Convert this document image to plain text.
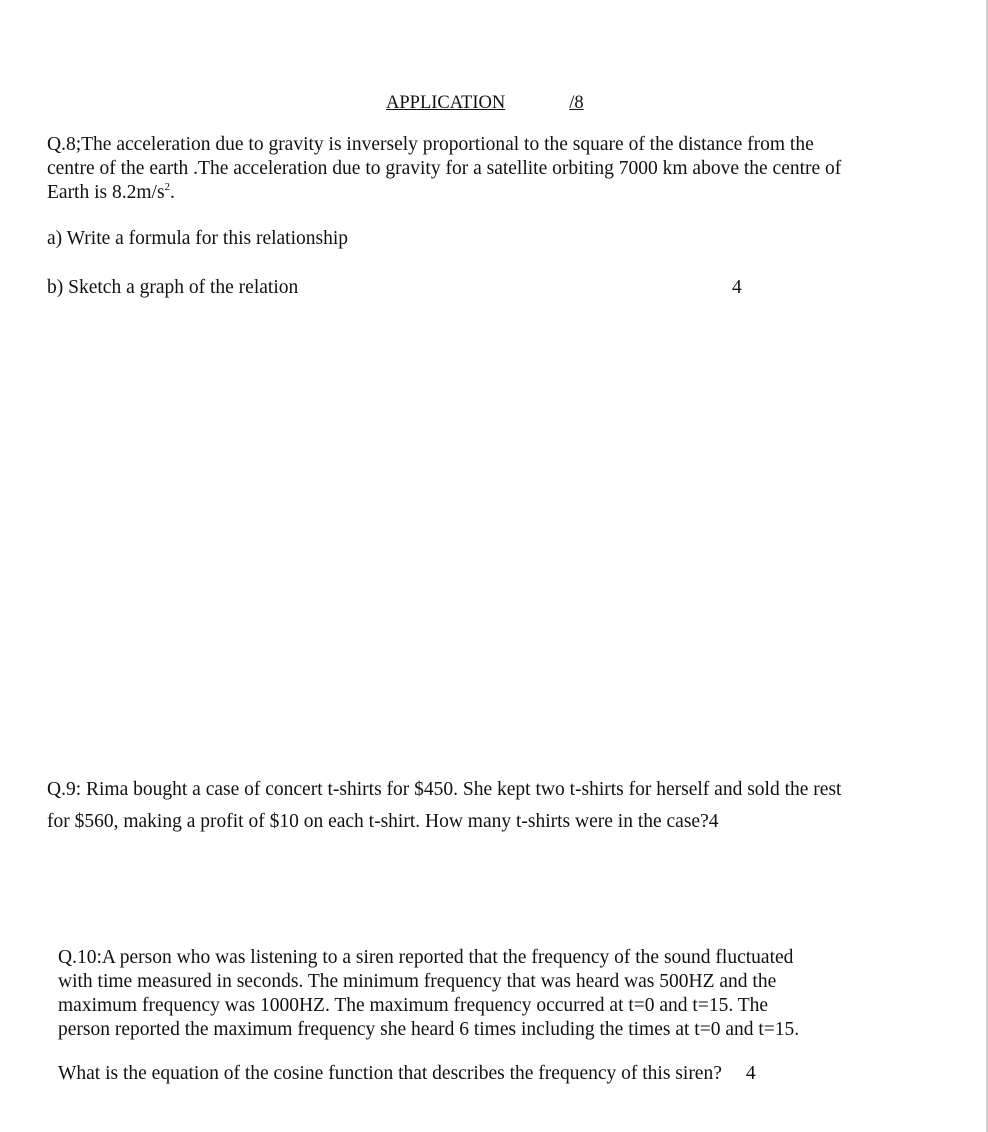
APPLICATION	/8
Q.8;The acceleration due to gravity is inversely proportional to the square of the distance from the
centre of the earth .The acceleration due to gravity for a satellite orbiting 7000 km above the centre of
Earth is $8.2m/s^2$.
a) Write a formula for this relationship
b) Sketch a graph of the relation	4
Q.9: Rima bought a case of concert t-shirts for $450. She kept two t-shirts for herself and sold the rest
for $560, making a profit of $10 on each t-shirt. How many t-shirts were in the case?4
Q.10:A person who was listening to a siren reported that the frequency of the sound fluctuated
with time measured in seconds. The minimum frequency that was heard was 500HZ and the
maximum frequency was 1000HZ. The maximum frequency occurred at t=0 and t=15. The
person reported the maximum frequency she heard 6 times including the times at t=0 and t=15.
What is the equation of the cosine function that describes the frequency of this siren? 4
